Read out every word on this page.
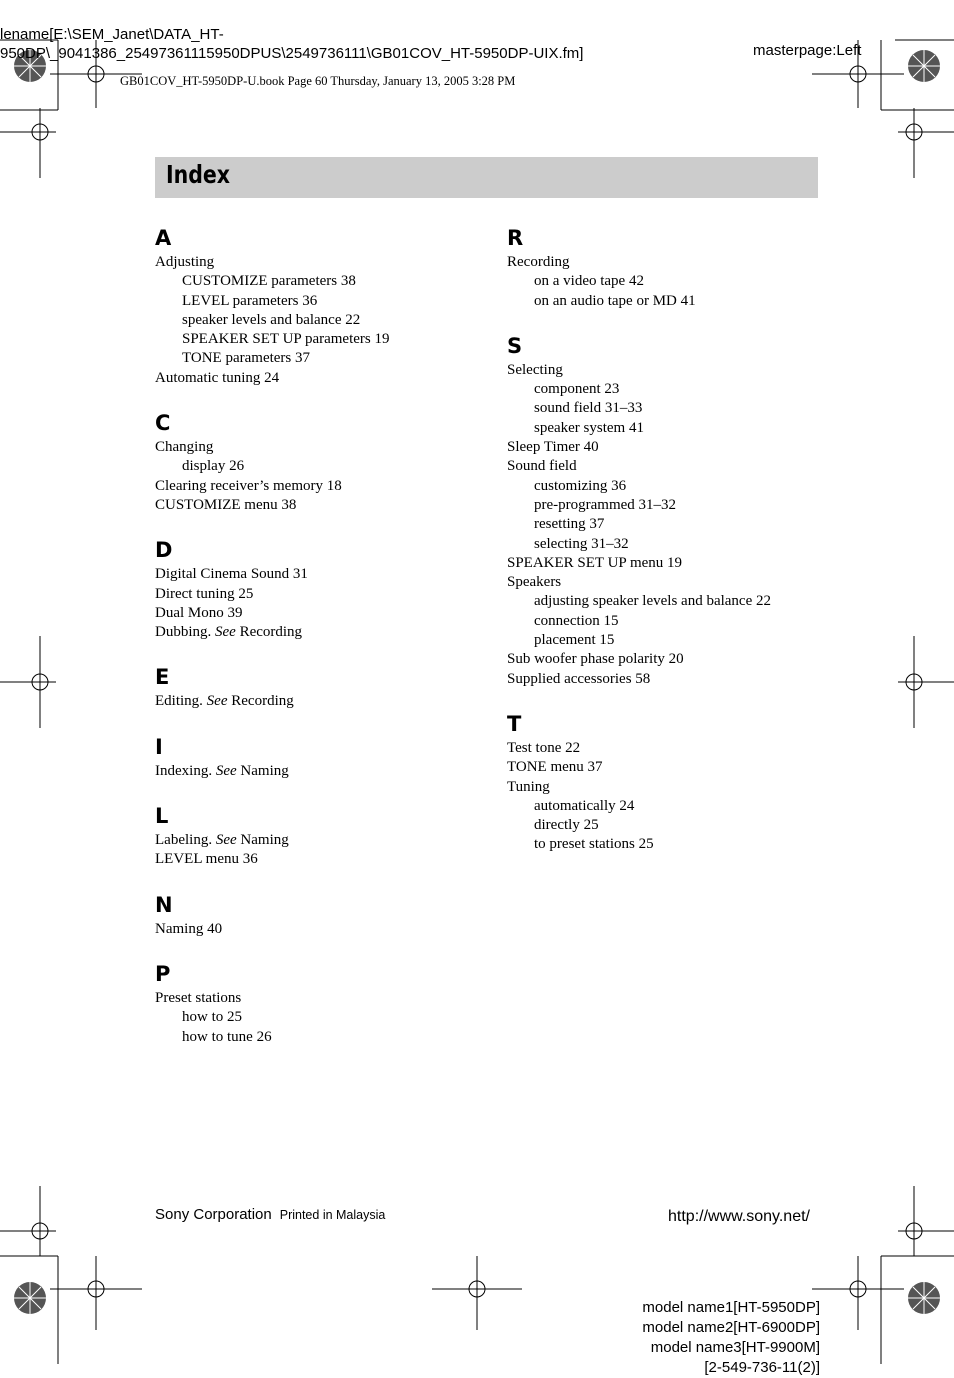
lename[E:\SEM_Janet\DATA_HT-
950DP\_9041386_25497361115950DPUS\2549736111\GB01COV_HT-5950DP-UIX.fm]	masterpage:Left
GB01COV_HT-5950DP-U.book Page 60 Thursday, January 13, 2005 3:28 PM
Index
A
Adjusting
CUSTOMIZE parameters 38
LEVEL parameters 36
speaker levels and balance 22
SPEAKER SET UP parameters 19
TONE parameters 37
Automatic tuning 24
C
Changing
display 26
Clearing receiver’s memory 18
CUSTOMIZE menu 38
D
Digital Cinema Sound 31
Direct tuning 25
Dual Mono 39
Dubbing. See Recording
E
Editing. See Recording
I
Indexing. See Naming
L
Labeling. See Naming
LEVEL menu 36
N
Naming 40
P
Preset stations
how to 25
how to tune 26
R
Recording
on a video tape 42
on an audio tape or MD 41
S
Selecting
component 23
sound field 31–33
speaker system 41
Sleep Timer 40
Sound field
customizing 36
pre-programmed 31–32
resetting 37
selecting 31–32
SPEAKER SET UP menu 19
Speakers
adjusting speaker levels and balance 22
connection 15
placement 15
Sub woofer phase polarity 20
Supplied accessories 58
T
Test tone 22
TONE menu 37
Tuning
automatically 24
directly 25
to preset stations 25
Sony Corporation Printed in Malaysia	http://www.sony.net/
model name1[HT-5950DP]
model name2[HT-6900DP]
model name3[HT-9900M]
[2-549-736-11(2)]
